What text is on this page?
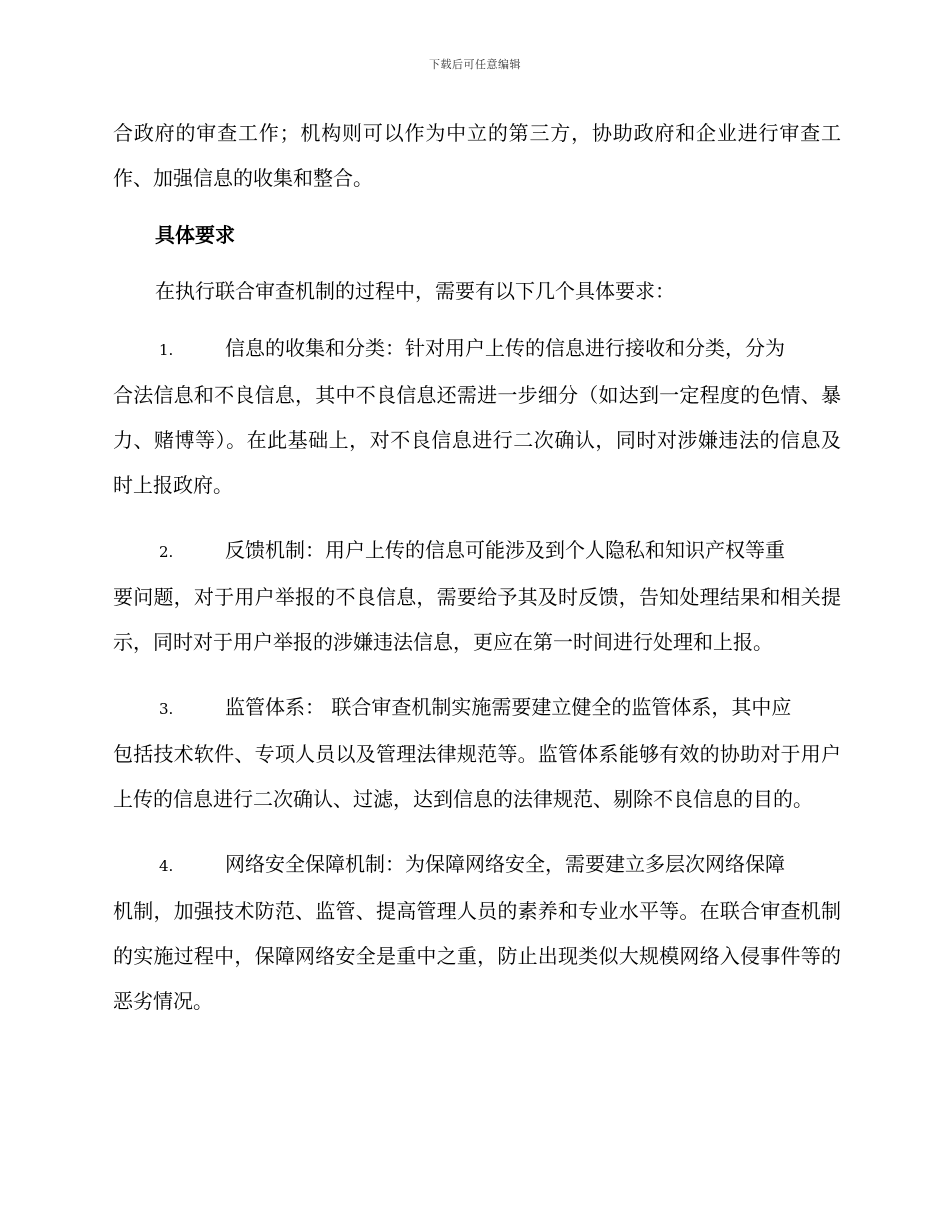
下载后可任意编辑

合政府的审查工作；机构则可以作为中立的第三方，协助政府和企业进行审查工作、加强信息的收集和整合。

具体要求

在执行联合审查机制的过程中，需要有以下几个具体要求：

1.	信息的收集和分类：针对用户上传的信息进行接收和分类，分为
合法信息和不良信息，其中不良信息还需进一步细分（如达到一定程度的色情、暴力、赌博等）。在此基础上，对不良信息进行二次确认，同时对涉嫌违法的信息及时上报政府。

2.	反馈机制：用户上传的信息可能涉及到个人隐私和知识产权等重
要问题，对于用户举报的不良信息，需要给予其及时反馈，告知处理结果和相关提示，同时对于用户举报的涉嫌违法信息，更应在第一时间进行处理和上报。

3.	监管体系： 联合审查机制实施需要建立健全的监管体系，其中应
包括技术软件、专项人员以及管理法律规范等。监管体系能够有效的协助对于用户上传的信息进行二次确认、过滤，达到信息的法律规范、剔除不良信息的目的。

4.	网络安全保障机制：为保障网络安全，需要建立多层次网络保障
机制，加强技术防范、监管、提高管理人员的素养和专业水平等。在联合审查机制的实施过程中，保障网络安全是重中之重，防止出现类似大规模网络入侵事件等的恶劣情况。
